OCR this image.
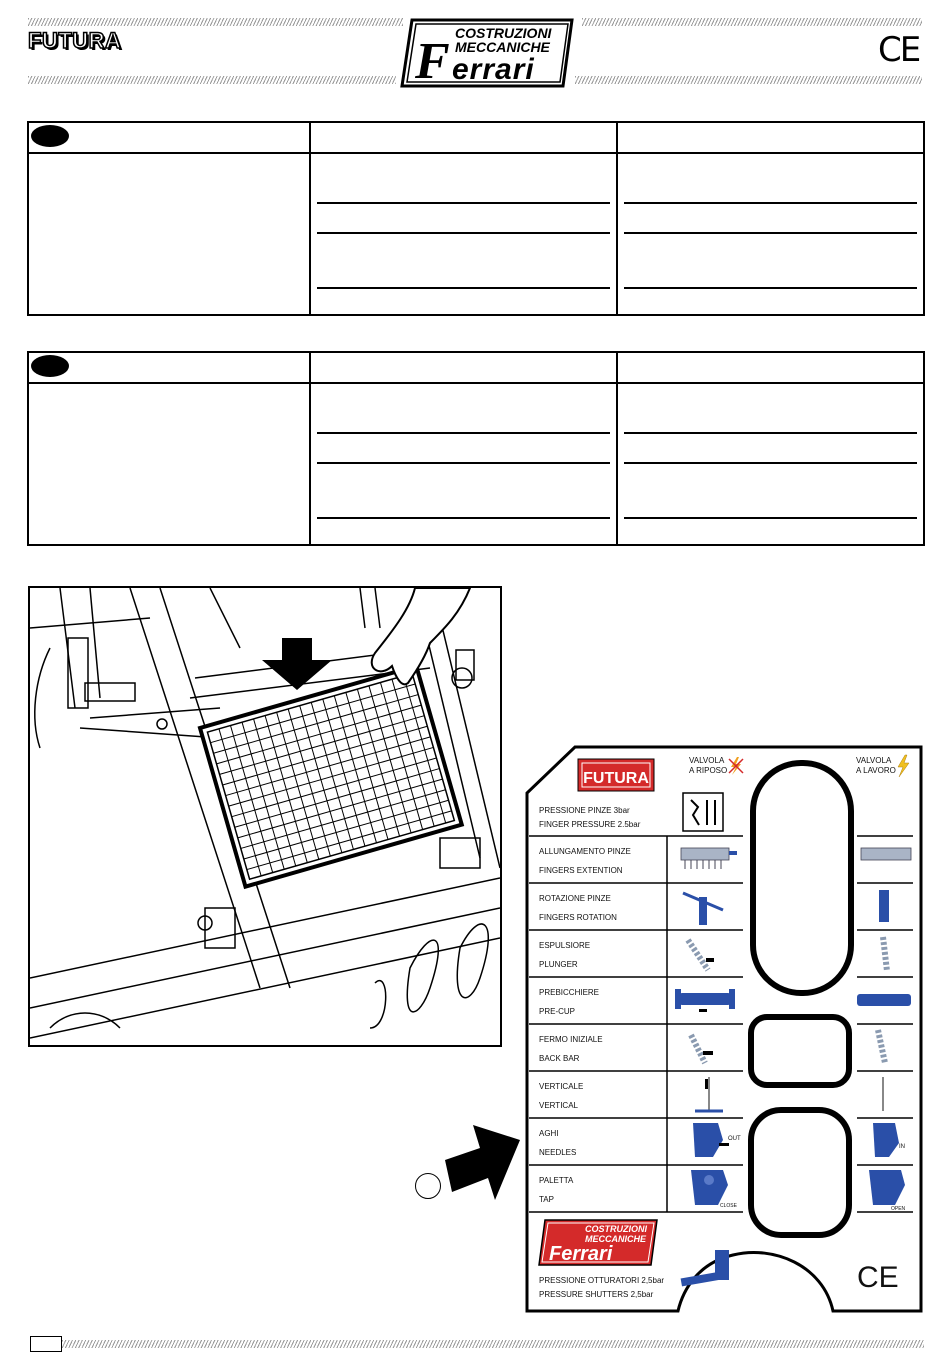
FUTURA	COSTRUZIONI
MECCANICHE
F errari	CE

FUTURA
VALVOLA
A RIPOSO
VALVOLA
A LAVORO
PRESSIONE PINZE 3bar
FINGER PRESSURE 2.5bar
ALLUNGAMENTO PINZE
FINGERS EXTENTION
ROTAZIONE PINZE
FINGERS ROTATION
ESPULSIORE
PLUNGER
PREBICCHIERE
PRE-CUP
FERMO INIZIALE
BACK BAR
VERTICALE
VERTICAL
AGHI
NEEDLES
PALETTA
TAP
OUT
CLOSE
IN
OPEN
COSTRUZIONI
MECCANICHE
Ferrari
PRESSIONE OTTURATORI 2,5bar
PRESSURE SHUTTERS 2,5bar
CE
